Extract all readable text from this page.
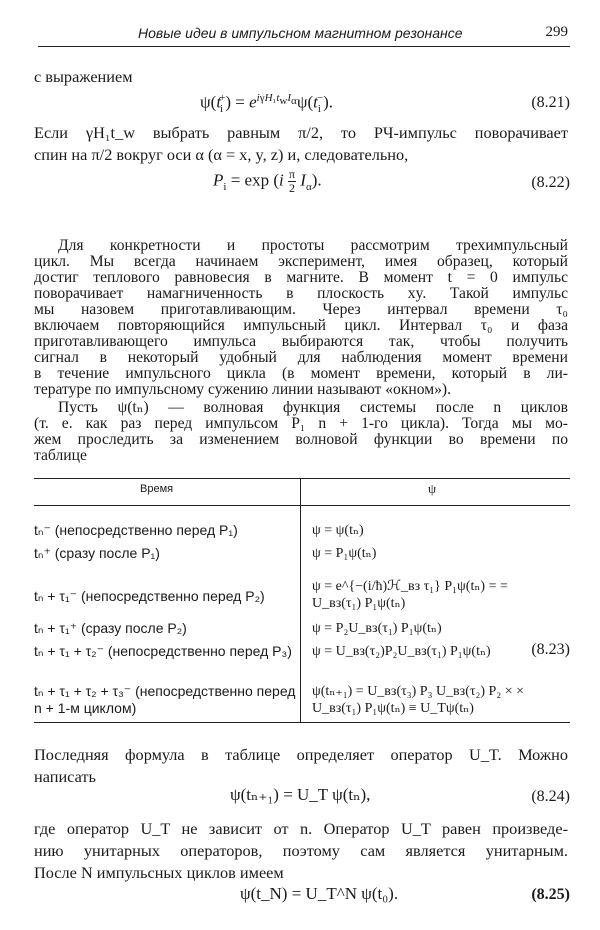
Новые идеи в импульсном магнитном резонансе	299
с выражением
$\psi(t_i^+) = e^{i\gamma H_1t_wI_\alpha}\psi(t_i^-)$.	(8.21)
Если γH₁t_w выбрать равным π/2, то РЧ-импульс поворачивает
спин на π/2 вокруг оси α (α = x, y, z) и, следовательно,
$P_i = \exp (i \frac{\pi}{2} I_\alpha)$.	(8.22)
Для конкретности и простоты рассмотрим трехимпульсный
цикл. Мы всегда начинаем эксперимент, имея образец, который
достиг теплового равновесия в магните. В момент t = 0 импульс
поворачивает намагниченность в плоскость xy. Такой импульс
мы назовем приготавливающим. Через интервал времени τ₀
включаем повторяющийся импульсный цикл. Интервал τ₀ и фаза
приготавливающего импульса выбираются так, чтобы получить
сигнал в некоторый удобный для наблюдения момент времени
в течение импульсного цикла (в момент времени, который в ли-
тературе по импульсному сужению линии называют «окном»).
Время	ψ
tₙ⁻ (непосредственно перед P₁)	ψ = ψ(tₙ)
tₙ⁺ (сразу после P₁)	ψ = P₁ψ(tₙ)
tₙ + τ₁⁻ (непосредственно перед P₂)
ψ = e^{−(i/ħ)ℋ_вз τ₁} P₁ψ(tₙ) = = U_вз(τ₁) P₁ψ(tₙ)
tₙ + τ₁⁺ (сразу после P₂)	ψ = P₂U_вз(τ₁) P₁ψ(tₙ)
tₙ + τ₁ + τ₂⁻ (непосредственно перед P₃) ψ = U_вз(τ₂)P₂U_вз(τ₁) P₁ψ(tₙ)	(8.23)
tₙ + τ₁ + τ₂ + τ₃⁻ (непосредственно перед n + 1-м циклом)
ψ(tₙ₊₁) = U_вз(τ₃) P₃ U_вз(τ₂) P₂ × × U_вз(τ₁) P₁ψ(tₙ) ≡ U_Tψ(tₙ)
Последняя формула в таблице определяет оператор U_T. Можно
написать
ψ(tₙ₊₁) = U_T ψ(tₙ),	(8.24)
где оператор U_T не зависит от n. Оператор U_T равен произведе-
нию унитарных операторов, поэтому сам является унитарным.
После N импульсных циклов имеем
ψ(t_N) = U_T^N ψ(t₀).	(8.25)
Пусть ψ(tₙ) — волновая функция системы после n циклов
(т. е. как раз перед импульсом P₁ n + 1-го цикла). Тогда мы мо-
жем проследить за изменением волновой функции во времени по
таблице
